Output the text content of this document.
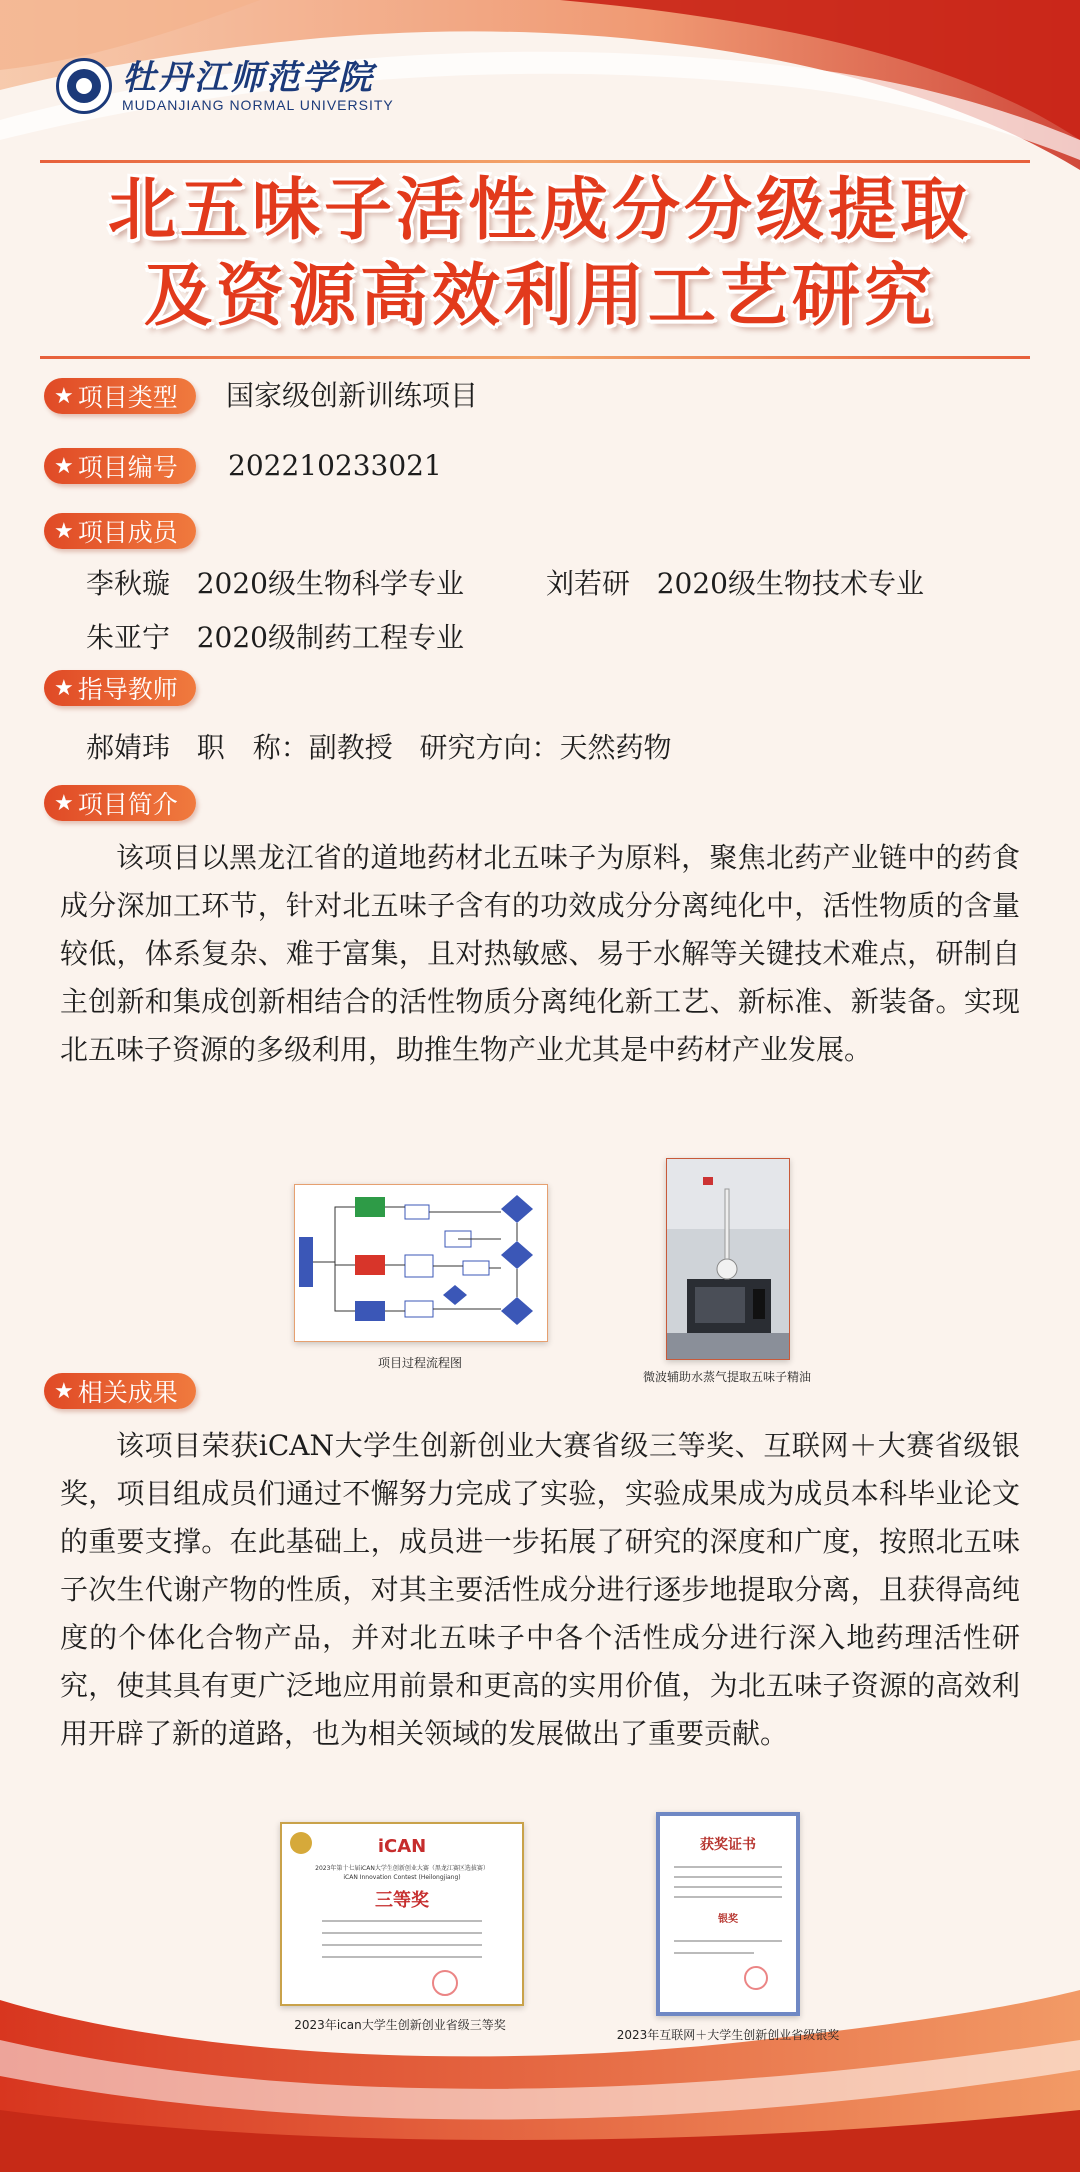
牡丹江师范学院
MUDANJIANG NORMAL UNIVERSITY
北五味子活性成分分级提取
及资源高效利用工艺研究
★ 项目类型 国家级创新训练项目
★ 项目编号 202210233021
★ 项目成员
李秋璇 2020级生物科学专业	刘若研 2020级生物技术专业
朱亚宁 2020级制药工程专业
★ 指导教师
郝婧玮 职　称：副教授 研究方向：天然药物
★ 项目简介

该项目以黑龙江省的道地药材北五味子为原料，聚焦北药产业链中的药食成分深加工环节，针对北五味子含有的功效成分分离纯化中，活性物质的含量较低，体系复杂、难于富集，且对热敏感、易于水解等关键技术难点，研制自主创新和集成创新相结合的活性物质分离纯化新工艺、新标准、新装备。实现北五味子资源的多级利用，助推生物产业尤其是中药材产业发展。

项目过程流程图
微波辅助水蒸气提取五味子精油
★ 相关成果

该项目荣获iCAN大学生创新创业大赛省级三等奖、互联网＋大赛省级银奖，项目组成员们通过不懈努力完成了实验，实验成果成为成员本科毕业论文的重要支撑。在此基础上，成员进一步拓展了研究的深度和广度，按照北五味子次生代谢产物的性质，对其主要活性成分进行逐步地提取分离，且获得高纯度的个体化合物产品，并对北五味子中各个活性成分进行深入地药理活性研究，使其具有更广泛地应用前景和更高的实用价值，为北五味子资源的高效利用开辟了新的道路，也为相关领域的发展做出了重要贡献。

iCAN
2023年第十七届iCAN大学生创新创业大赛（黑龙江赛区选拔赛）
iCAN Innovation Contest (Heilongjiang)
三等奖
2023年ican大学生创新创业省级三等奖
获奖证书
银奖
2023年互联网＋大学生创新创业省级银奖
